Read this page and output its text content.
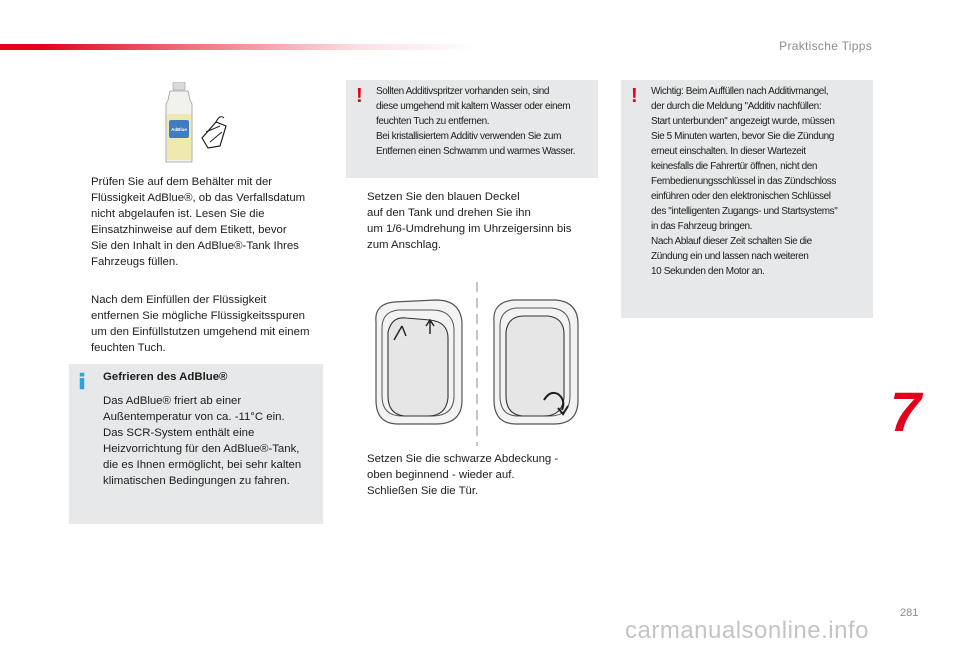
Praktische Tipps
AdBlue
Prüfen Sie auf dem Behälter mit der
Flüssigkeit AdBlue®, ob das Verfallsdatum
nicht abgelaufen ist. Lesen Sie die
Einsatzhinweise auf dem Etikett, bevor
Sie den Inhalt in den AdBlue®-Tank Ihres
Fahrzeugs füllen.
Nach dem Einfüllen der Flüssigkeit
entfernen Sie mögliche Flüssigkeitsspuren
um den Einfüllstutzen umgehend mit einem
feuchten Tuch.
Gefrieren des AdBlue®
Das AdBlue® friert ab einer
Außentemperatur von ca. -11°C ein.
Das SCR-System enthält eine
Heizvorrichtung für den AdBlue®-Tank,
die es Ihnen ermöglicht, bei sehr kalten
klimatischen Bedingungen zu fahren.
! Sollten Additivspritzer vorhanden sein, sind
diese umgehend mit kaltem Wasser oder einem
feuchten Tuch zu entfernen.
Bei kristallisiertem Additiv verwenden Sie zum
Entfernen einen Schwamm und warmes Wasser.
Setzen Sie den blauen Deckel
auf den Tank und drehen Sie ihn
um 1/6-Umdrehung im Uhrzeigersinn bis
zum Anschlag.
Setzen Sie die schwarze Abdeckung -
oben beginnend - wieder auf.
Schließen Sie die Tür.
! Wichtig: Beim Auffüllen nach Additivmangel,
der durch die Meldung "Additiv nachfüllen:
Start unterbunden" angezeigt wurde, müssen
Sie 5 Minuten warten, bevor Sie die Zündung
erneut einschalten. In dieser Wartezeit
keinesfalls die Fahrertür öffnen, nicht den
Fernbedienungsschlüssel in das Zündschloss
einführen oder den elektronischen Schlüssel
des "intelligenten Zugangs- und Startsystems"
in das Fahrzeug bringen.
Nach Ablauf dieser Zeit schalten Sie die
Zündung ein und lassen nach weiteren
10 Sekunden den Motor an.
7
281
carmanualsonline.info
